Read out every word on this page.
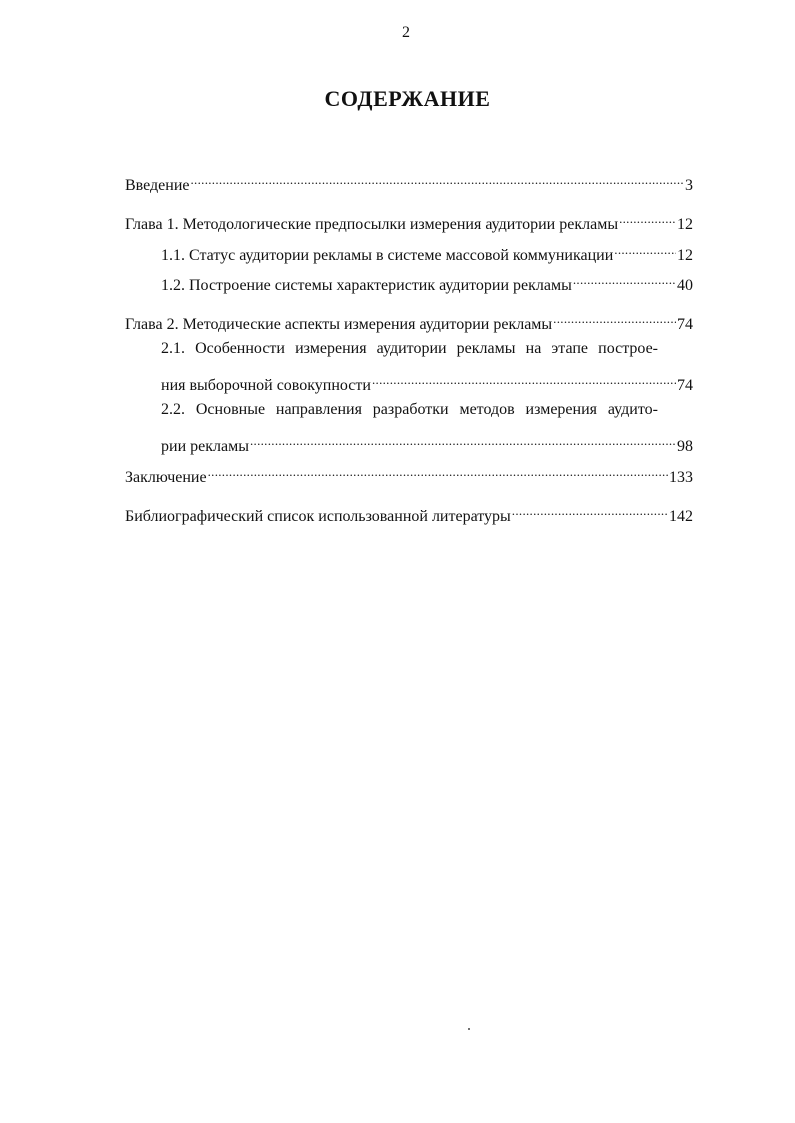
2
СОДЕРЖАНИЕ
Введение .....	3
Глава 1. Методологические предпосылки измерения аудитории рекламы .....	12
1.1. Статус аудитории рекламы в системе массовой коммуникации .....	12
1.2. Построение системы характеристик аудитории рекламы .....	40
Глава 2. Методические аспекты измерения аудитории рекламы .....	74
2.1. Особенности измерения аудитории рекламы на этапе построе-
ния выборочной совокупности .....	74
2.2. Основные направления разработки методов измерения аудито-
рии рекламы .....	98
Заключение .....	133
Библиографический список использованной литературы .....	142
